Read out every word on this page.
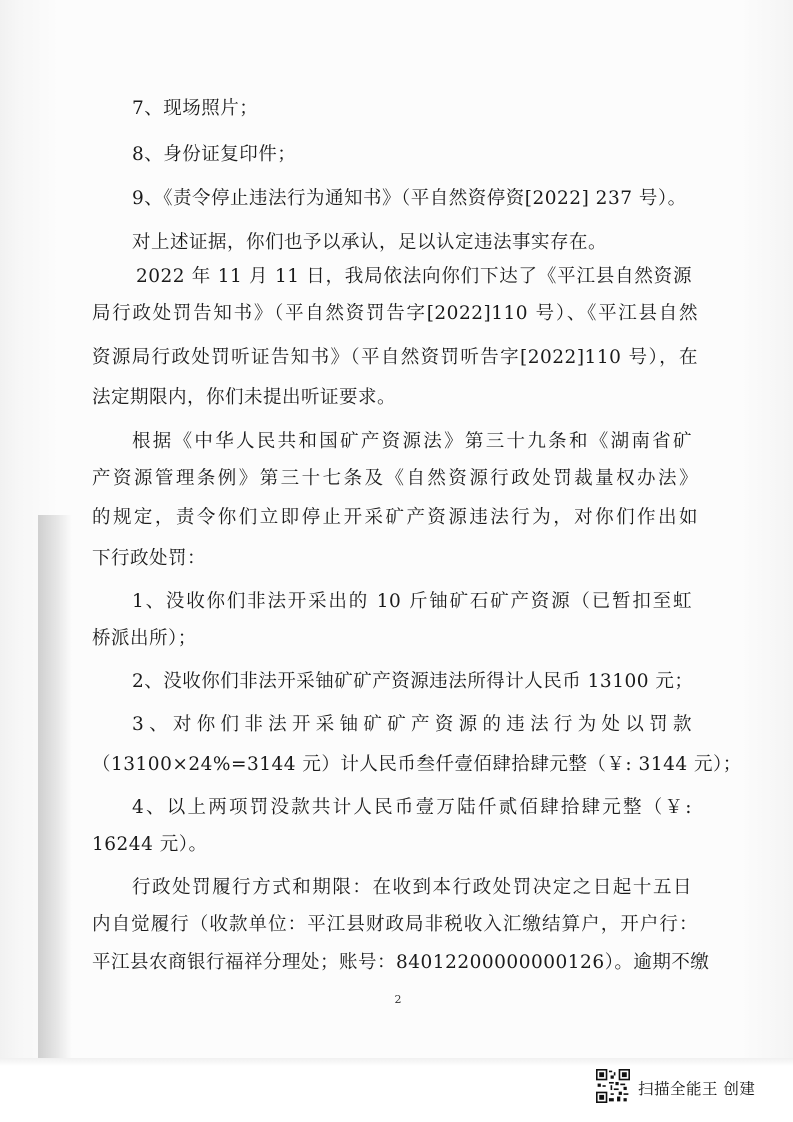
7、现场照片；
8、身份证复印件；
9、《责令停止违法行为通知书》（平自然资停资[2022] 237 号）。
对上述证据，你们也予以承认，足以认定违法事实存在。
2022 年 11 月 11 日，我局依法向你们下达了《平江县自然资源
局行政处罚告知书》（平自然资罚告字[2022]110 号）、《平江县自然
资源局行政处罚听证告知书》（平自然资罚听告字[2022]110 号），在
法定期限内，你们未提出听证要求。
根据《中华人民共和国矿产资源法》第三十九条和《湖南省矿
产资源管理条例》第三十七条及《自然资源行政处罚裁量权办法》
的规定，责令你们立即停止开采矿产资源违法行为，对你们作出如
下行政处罚：
1、没收你们非法开采出的 10 斤铀矿石矿产资源（已暂扣至虹
桥派出所）；
2、没收你们非法开采铀矿矿产资源违法所得计人民币 13100 元；
3、对你们非法开采铀矿矿产资源的违法行为处以罚款
（13100×24%=3144 元）计人民币叁仟壹佰肆拾肆元整（￥: 3144 元）；
4、以上两项罚没款共计人民币壹万陆仟贰佰肆拾肆元整（￥:
16244 元）。
行政处罚履行方式和期限：在收到本行政处罚决定之日起十五日
内自觉履行（收款单位：平江县财政局非税收入汇缴结算户，开户行：
平江县农商银行福祥分理处；账号：84012200000000126）。逾期不缴
2
扫描全能王 创建
